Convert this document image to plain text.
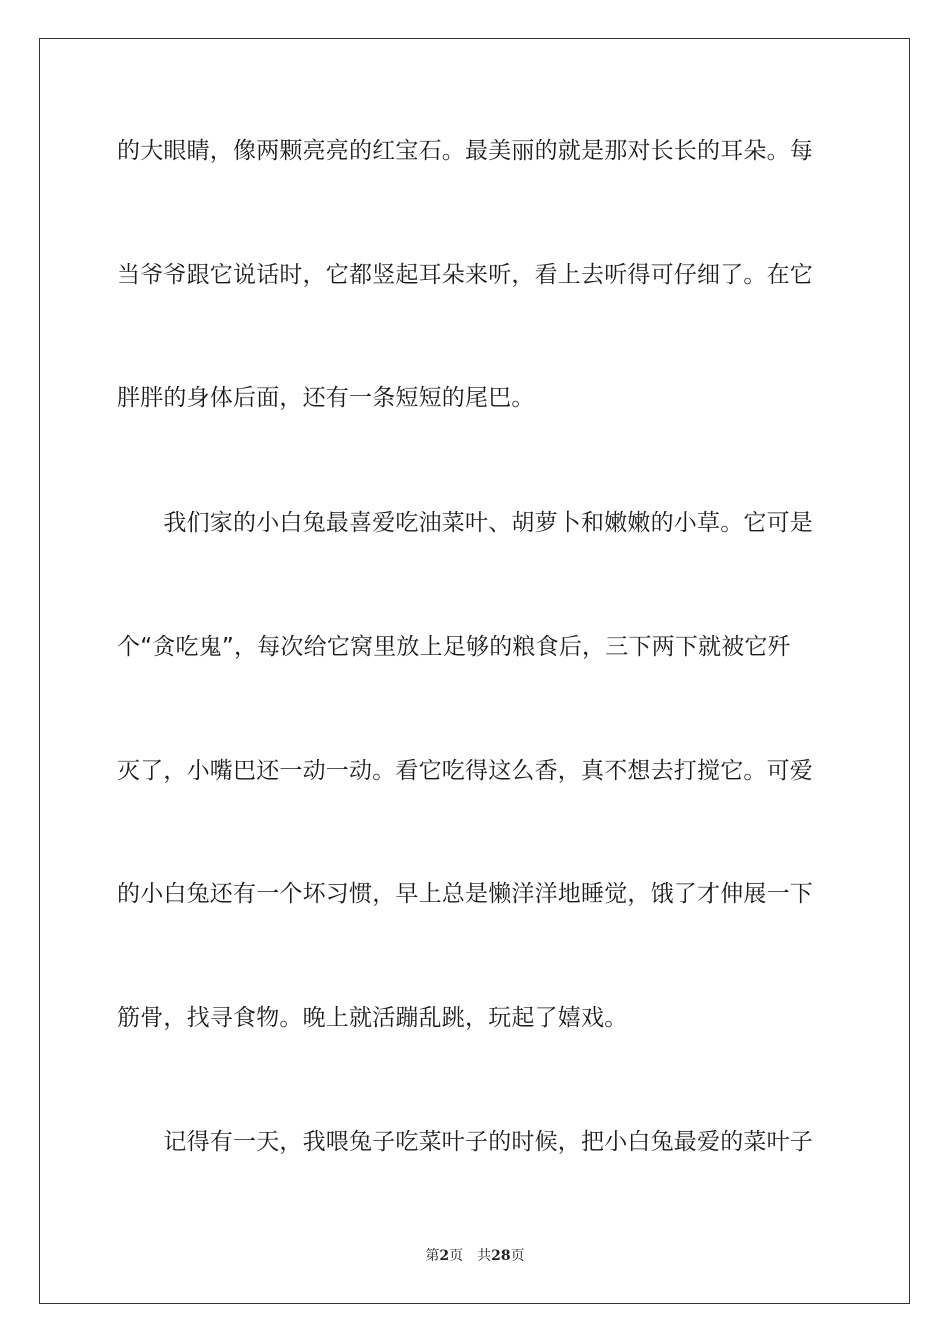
的大眼睛，像两颗亮亮的红宝石。最美丽的就是那对长长的耳朵。每

当爷爷跟它说话时，它都竖起耳朵来听，看上去听得可仔细了。在它

胖胖的身体后面，还有一条短短的尾巴。

　　我们家的小白兔最喜爱吃油菜叶、胡萝卜和嫩嫩的小草。它可是

个“贪吃鬼”，每次给它窝里放上足够的粮食后，三下两下就被它歼

灭了，小嘴巴还一动一动。看它吃得这么香，真不想去打搅它。可爱

的小白兔还有一个坏习惯，早上总是懒洋洋地睡觉，饿了才伸展一下

筋骨，找寻食物。晚上就活蹦乱跳，玩起了嬉戏。

　　记得有一天，我喂兔子吃菜叶子的时候，把小白兔最爱的菜叶子

第2页　共28页
